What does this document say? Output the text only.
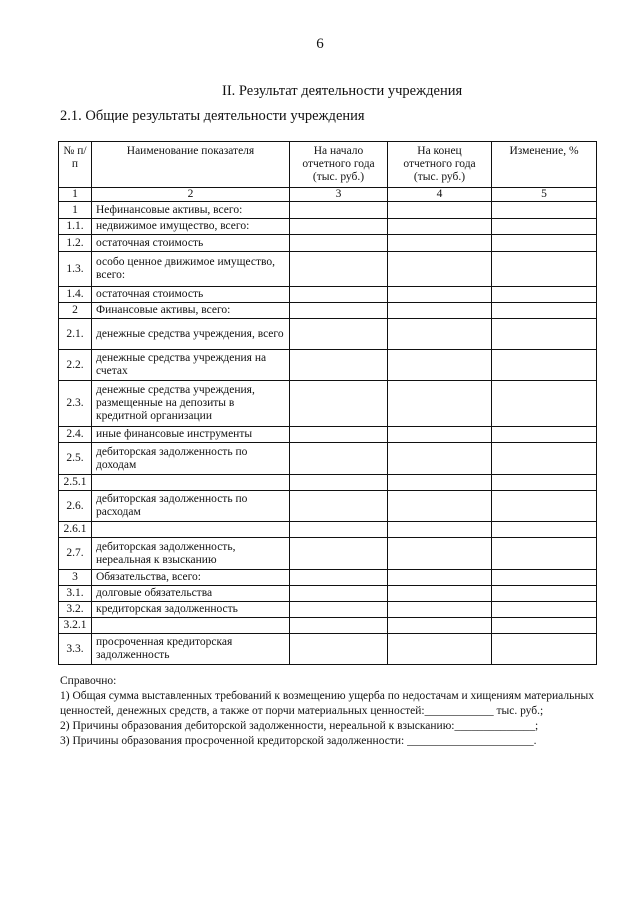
6
II. Результат деятельности учреждения
2.1. Общие результаты деятельности учреждения
№ п/п	Наименование показателя	На начало отчетного года (тыс. руб.)	На конец отчетного года (тыс. руб.)	Изменение, %
1	2	3	4	5
1	Нефинансовые активы, всего:			
1.1.	недвижимое имущество, всего:			
1.2.	остаточная стоимость			
1.3.	особо ценное движимое имущество, всего:			
1.4.	остаточная стоимость			
2	Финансовые активы, всего:			
2.1.	денежные средства учреждения, всего			
2.2.	денежные средства учреждения на счетах			
2.3.	денежные средства учреждения, размещенные на депозиты в кредитной организации			
2.4.	иные финансовые инструменты			
2.5.	дебиторская задолженность по доходам			
2.5.1				
2.6.	дебиторская задолженность по расходам			
2.6.1				
2.7.	дебиторская задолженность, нереальная к взысканию			
3	Обязательства, всего:			
3.1.	долговые обязательства			
3.2.	кредиторская задолженность			
3.2.1				
3.3.	просроченная кредиторская задолженность			

Справочно:

1) Общая сумма выставленных требований к возмещению ущерба по недостачам и хищениям материальных ценностей, денежных средств, а также от порчи материальных ценностей:____________ тыс. руб.;

2) Причины образования дебиторской задолженности, нереальной к взысканию:______________;

3) Причины образования просроченной кредиторской задолженности: ______________________.
